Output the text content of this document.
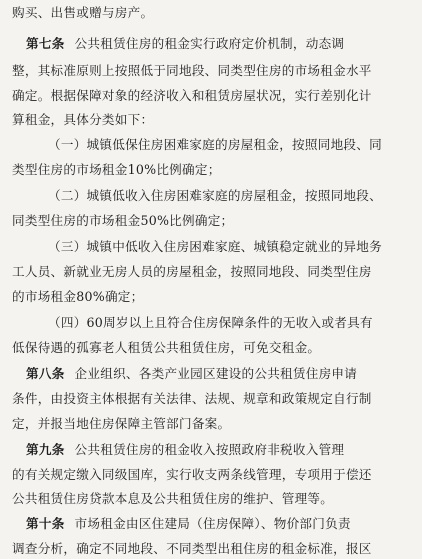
购买、出售或赠与房产。
第七条 公共租赁住房的租金实行政府定价机制，动态调
整，其标准原则上按照低于同地段、同类型住房的市场租金水平
确定。根据保障对象的经济收入和租赁房屋状况，实行差别化计
算租金，具体分类如下：
（一）城镇低保住房困难家庭的房屋租金，按照同地段、同
类型住房的市场租金10%比例确定；
（二）城镇低收入住房困难家庭的房屋租金，按照同地段、
同类型住房的市场租金50%比例确定；
（三）城镇中低收入住房困难家庭、城镇稳定就业的异地务
工人员、新就业无房人员的房屋租金，按照同地段、同类型住房
的市场租金80%确定；
（四）60周岁以上且符合住房保障条件的无收入或者具有
低保待遇的孤寡老人租赁公共租赁住房，可免交租金。
第八条 企业组织、各类产业园区建设的公共租赁住房申请
条件，由投资主体根据有关法律、法规、规章和政策规定自行制
定，并报当地住房保障主管部门备案。
第九条 公共租赁住房的租金收入按照政府非税收入管理
的有关规定缴入同级国库，实行收支两条线管理，专项用于偿还
公共租赁住房贷款本息及公共租赁住房的维护、管理等。
第十条 市场租金由区住建局（住房保障）、物价部门负责
调查分析，确定不同地段、不同类型出租住房的租金标准，报区
